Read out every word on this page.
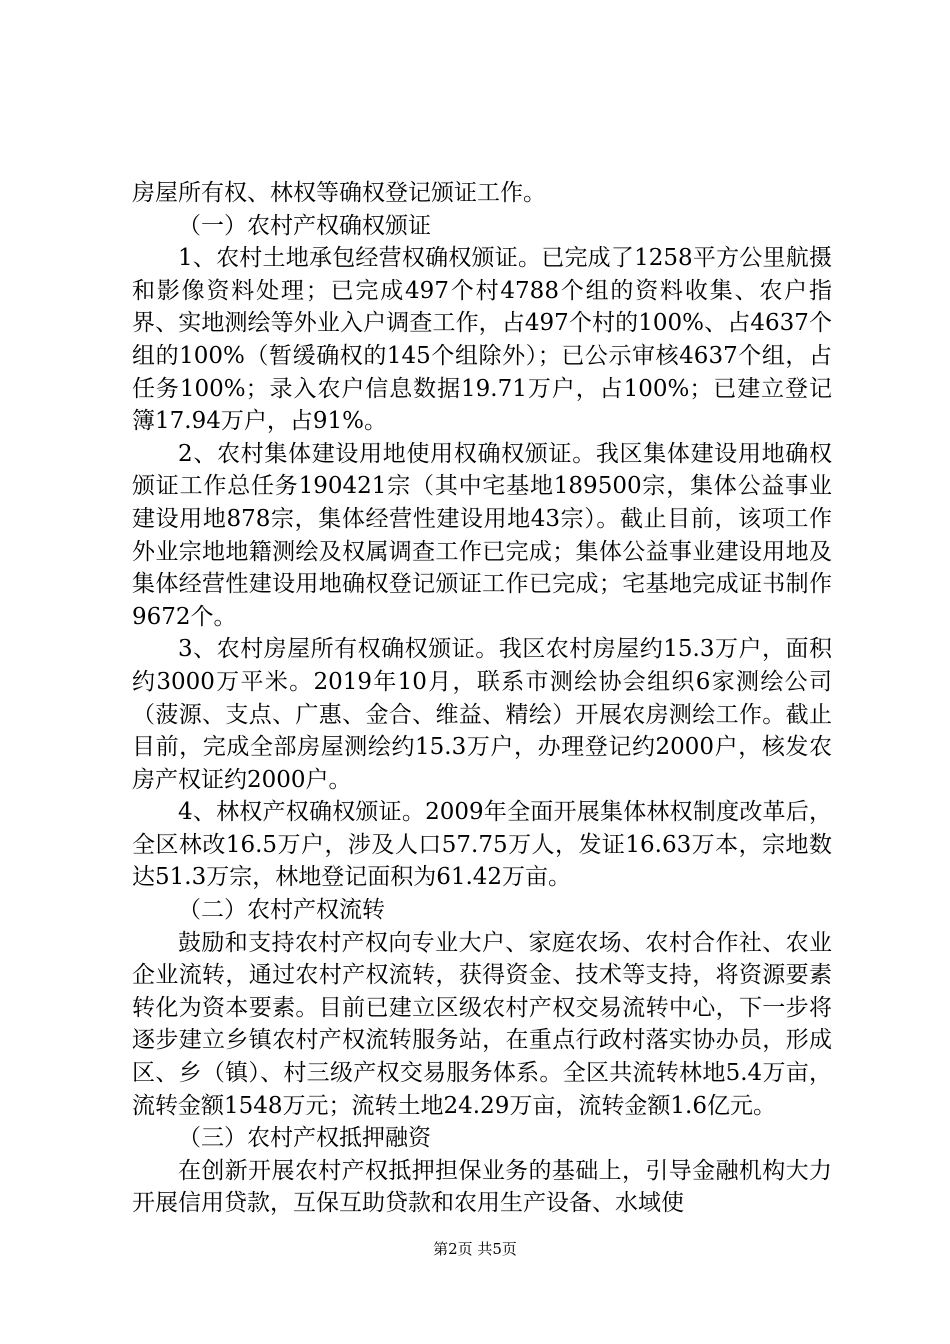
房屋所有权、林权等确权登记颁证工作。

（一）农村产权确权颁证

1、农村土地承包经营权确权颁证。已完成了1258平方公里航摄和影像资料处理；已完成497个村4788个组的资料收集、农户指界、实地测绘等外业入户调查工作，占497个村的100%、占4637个组的100%（暂缓确权的145个组除外）；已公示审核4637个组，占任务100%；录入农户信息数据19.71万户，占100%；已建立登记簿17.94万户，占91%。

2、农村集体建设用地使用权确权颁证。我区集体建设用地确权颁证工作总任务190421宗（其中宅基地189500宗，集体公益事业建设用地878宗，集体经营性建设用地43宗）。截止目前，该项工作外业宗地地籍测绘及权属调查工作已完成；集体公益事业建设用地及集体经营性建设用地确权登记颁证工作已完成；宅基地完成证书制作9672个。

3、农村房屋所有权确权颁证。我区农村房屋约15.3万户，面积约3000万平米。2019年10月，联系市测绘协会组织6家测绘公司（菠源、支点、广惠、金合、维益、精绘）开展农房测绘工作。截止目前，完成全部房屋测绘约15.3万户，办理登记约2000户，核发农房产权证约2000户。

4、林权产权确权颁证。2009年全面开展集体林权制度改革后，全区林改16.5万户，涉及人口57.75万人，发证16.63万本，宗地数达51.3万宗，林地登记面积为61.42万亩。

（二）农村产权流转

鼓励和支持农村产权向专业大户、家庭农场、农村合作社、农业企业流转，通过农村产权流转，获得资金、技术等支持，将资源要素转化为资本要素。目前已建立区级农村产权交易流转中心，下一步将逐步建立乡镇农村产权流转服务站，在重点行政村落实协办员，形成区、乡（镇）、村三级产权交易服务体系。全区共流转林地5.4万亩，流转金额1548万元；流转土地24.29万亩，流转金额1.6亿元。

（三）农村产权抵押融资

在创新开展农村产权抵押担保业务的基础上，引导金融机构大力开展信用贷款，互保互助贷款和农用生产设备、水域使

第2页 共5页
